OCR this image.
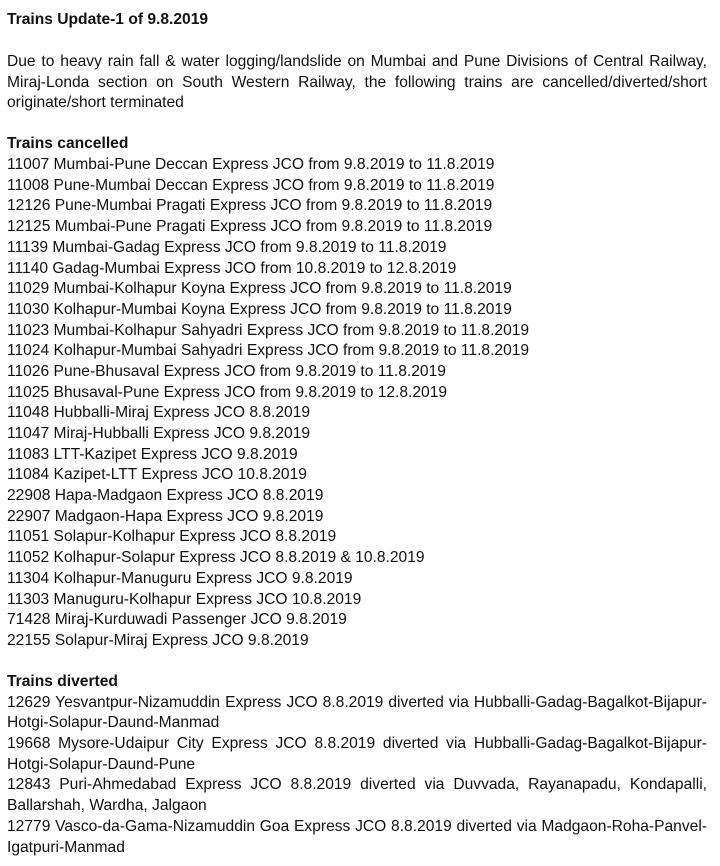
Trains Update-1 of 9.8.2019
Due to heavy rain fall & water logging/landslide on Mumbai and Pune Divisions of Central Railway, Miraj-Londa section on South Western Railway, the following trains are cancelled/diverted/short originate/short terminated
Trains cancelled
11007 Mumbai-Pune Deccan Express JCO from 9.8.2019 to 11.8.2019
11008 Pune-Mumbai Deccan Express JCO from 9.8.2019 to 11.8.2019
12126 Pune-Mumbai Pragati Express JCO from 9.8.2019 to 11.8.2019
12125 Mumbai-Pune Pragati Express JCO from 9.8.2019 to 11.8.2019
11139 Mumbai-Gadag Express JCO from 9.8.2019 to 11.8.2019
11140 Gadag-Mumbai Express JCO from 10.8.2019 to 12.8.2019
11029 Mumbai-Kolhapur Koyna Express JCO from 9.8.2019 to 11.8.2019
11030 Kolhapur-Mumbai Koyna Express JCO from 9.8.2019 to 11.8.2019
11023 Mumbai-Kolhapur Sahyadri Express JCO from 9.8.2019 to 11.8.2019
11024 Kolhapur-Mumbai Sahyadri Express JCO from 9.8.2019 to 11.8.2019
11026 Pune-Bhusaval Express JCO from 9.8.2019 to 11.8.2019
11025 Bhusaval-Pune Express JCO from 9.8.2019 to 12.8.2019
11048 Hubballi-Miraj Express JCO 8.8.2019
11047 Miraj-Hubballi Express JCO 9.8.2019
11083 LTT-Kazipet Express JCO 9.8.2019
11084 Kazipet-LTT Express JCO 10.8.2019
22908 Hapa-Madgaon Express JCO 8.8.2019
22907 Madgaon-Hapa Express JCO 9.8.2019
11051 Solapur-Kolhapur Express JCO 8.8.2019
11052 Kolhapur-Solapur Express JCO 8.8.2019 & 10.8.2019
11304 Kolhapur-Manuguru Express JCO 9.8.2019
11303 Manuguru-Kolhapur Express JCO 10.8.2019
71428 Miraj-Kurduwadi Passenger JCO 9.8.2019
22155 Solapur-Miraj Express JCO 9.8.2019
Trains diverted
12629 Yesvantpur-Nizamuddin Express JCO 8.8.2019 diverted via Hubballi-Gadag-Bagalkot-Bijapur-Hotgi-Solapur-Daund-Manmad
19668 Mysore-Udaipur City Express JCO 8.8.2019 diverted via Hubballi-Gadag-Bagalkot-Bijapur-Hotgi-Solapur-Daund-Pune
12843 Puri-Ahmedabad Express JCO 8.8.2019 diverted via Duvvada, Rayanapadu, Kondapalli, Ballarshah, Wardha, Jalgaon
12779 Vasco-da-Gama-Nizamuddin Goa Express JCO 8.8.2019 diverted via Madgaon-Roha-Panvel-Igatpuri-Manmad
